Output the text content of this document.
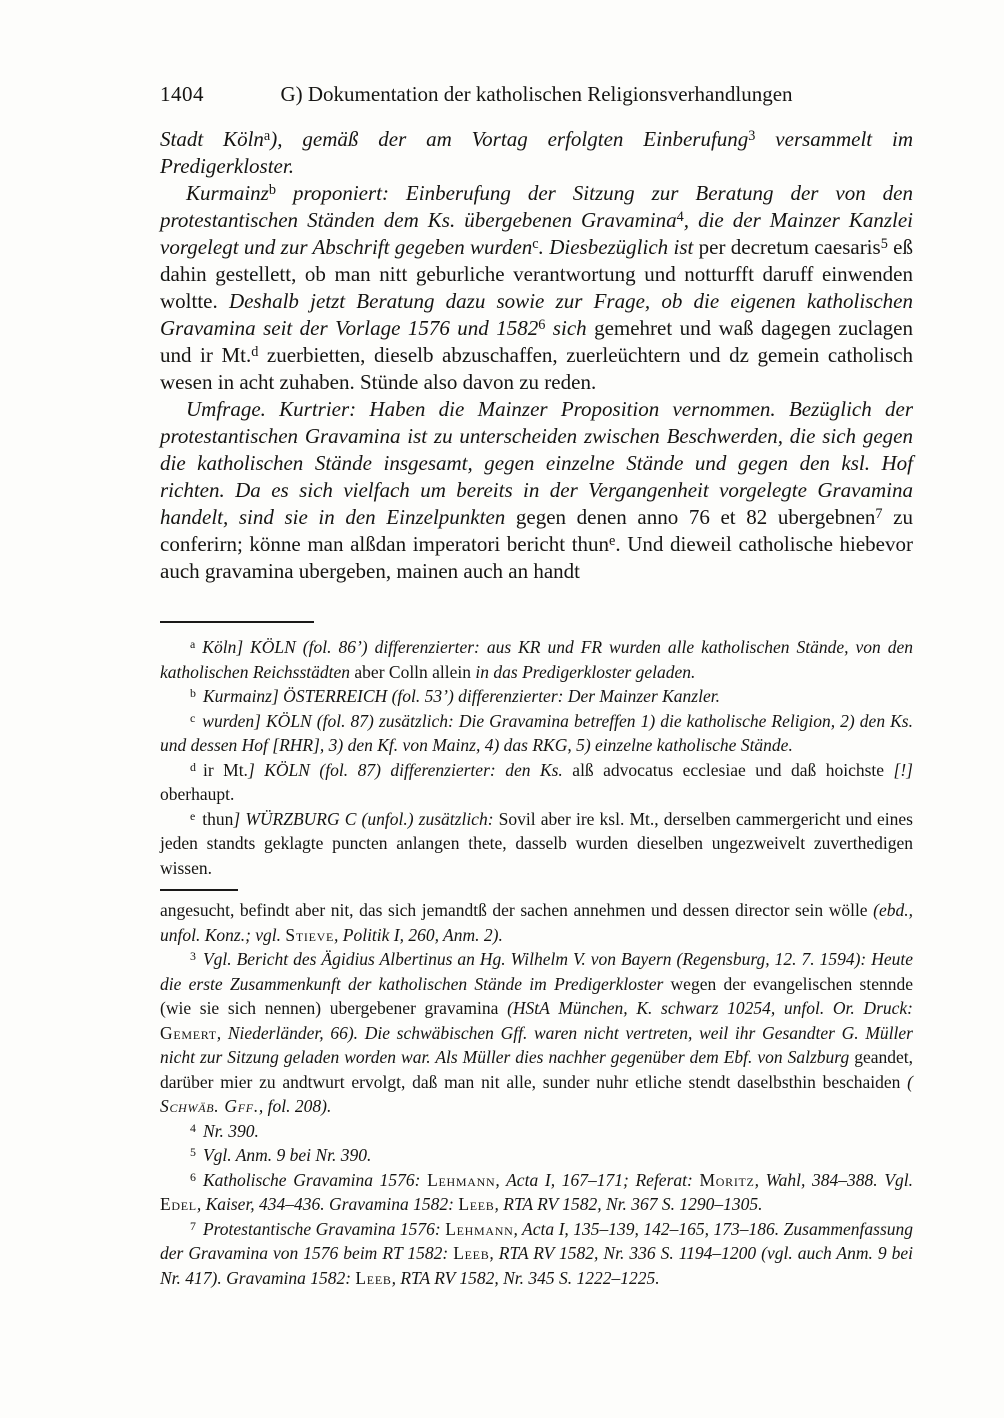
1404	G) Dokumentation der katholischen Religionsverhandlungen

Stadt Köln$^a$), gemäß der am Vortag erfolgten Einberufung$^3$ versammelt im Predigerkloster.

Kurmainz$^b$ proponiert: Einberufung der Sitzung zur Beratung der von den protestantischen Ständen dem Ks. übergebenen Gravamina$^4$, die der Mainzer Kanzlei vorgelegt und zur Abschrift gegeben wurden$^c$. Diesbezüglich ist per decretum caesaris$^5$ eß dahin gestellett, ob man nitt geburliche verantwortung und notturfft daruff einwenden woltte. Deshalb jetzt Beratung dazu sowie zur Frage, ob die eigenen katholischen Gravamina seit der Vorlage 1576 und 1582$^6$ sich gemehret und waß dagegen zuclagen und ir Mt.$^d$ zuerbietten, dieselb abzuschaffen, zuerleüchtern und dz gemein catholisch wesen in acht zuhaben. Stünde also davon zu reden.

Umfrage. Kurtrier: Haben die Mainzer Proposition vernommen. Bezüglich der protestantischen Gravamina ist zu unterscheiden zwischen Beschwerden, die sich gegen die katholischen Stände insgesamt, gegen einzelne Stände und gegen den ksl. Hof richten. Da es sich vielfach um bereits in der Vergangenheit vorgelegte Gravamina handelt, sind sie in den Einzelpunkten gegen denen anno 76 et 82 ubergebnen$^7$ zu conferirn; könne man alßdan imperatori bericht thun$^e$. Und dieweil catholische hiebevor auch gravamina ubergeben, mainen auch an handt

$^a$ Köln] KÖLN (fol. 86’) differenzierter: aus KR und FR wurden alle katholischen Stände, von den katholischen Reichsstädten aber Colln allein in das Predigerkloster geladen.

$^b$ Kurmainz] ÖSTERREICH (fol. 53’) differenzierter: Der Mainzer Kanzler.

$^c$ wurden] KÖLN (fol. 87) zusätzlich: Die Gravamina betreffen 1) die katholische Religion, 2) den Ks. und dessen Hof [RHR], 3) den Kf. von Mainz, 4) das RKG, 5) einzelne katholische Stände.

$^d$ ir Mt.] KÖLN (fol. 87) differenzierter: den Ks. alß advocatus ecclesiae und daß hoichste [!] oberhaupt.

$^e$ thun] WÜRZBURG C (unfol.) zusätzlich: Sovil aber ire ksl. Mt., derselben cammergericht und eines jeden standts geklagte puncten anlangen thete, dasselb wurden dieselben ungezweivelt zuverthedigen wissen.

angesucht, befindt aber nit, das sich jemandtß der sachen annehmen und dessen director sein wölle (ebd., unfol. Konz.; vgl. Stieve, Politik I, 260, Anm. 2).

$^3$ Vgl. Bericht des Ägidius Albertinus an Hg. Wilhelm V. von Bayern (Regensburg, 12. 7. 1594): Heute die erste Zusammenkunft der katholischen Stände im Predigerkloster wegen der evangelischen stennde (wie sie sich nennen) ubergebener gravamina (HStA München, K. schwarz 10254, unfol. Or. Druck: Gemert, Niederländer, 66). Die schwäbischen Gff. waren nicht vertreten, weil ihr Gesandter G. Müller nicht zur Sitzung geladen worden war. Als Müller dies nachher gegenüber dem Ebf. von Salzburg geandet, darüber mier zu andtwurt ervolgt, daß man nit alle, sunder nuhr etliche stendt daselbsthin beschaiden ( Schwäb. Gff., fol. 208).

$^4$ Nr. 390.

$^5$ Vgl. Anm. 9 bei Nr. 390.

$^6$ Katholische Gravamina 1576: Lehmann, Acta I, 167–171; Referat: Moritz, Wahl, 384–388. Vgl. Edel, Kaiser, 434–436. Gravamina 1582: Leeb, RTA RV 1582, Nr. 367 S. 1290–1305.

$^7$ Protestantische Gravamina 1576: Lehmann, Acta I, 135–139, 142–165, 173–186. Zusammenfassung der Gravamina von 1576 beim RT 1582: Leeb, RTA RV 1582, Nr. 336 S. 1194–1200 (vgl. auch Anm. 9 bei Nr. 417). Gravamina 1582: Leeb, RTA RV 1582, Nr. 345 S. 1222–1225.
